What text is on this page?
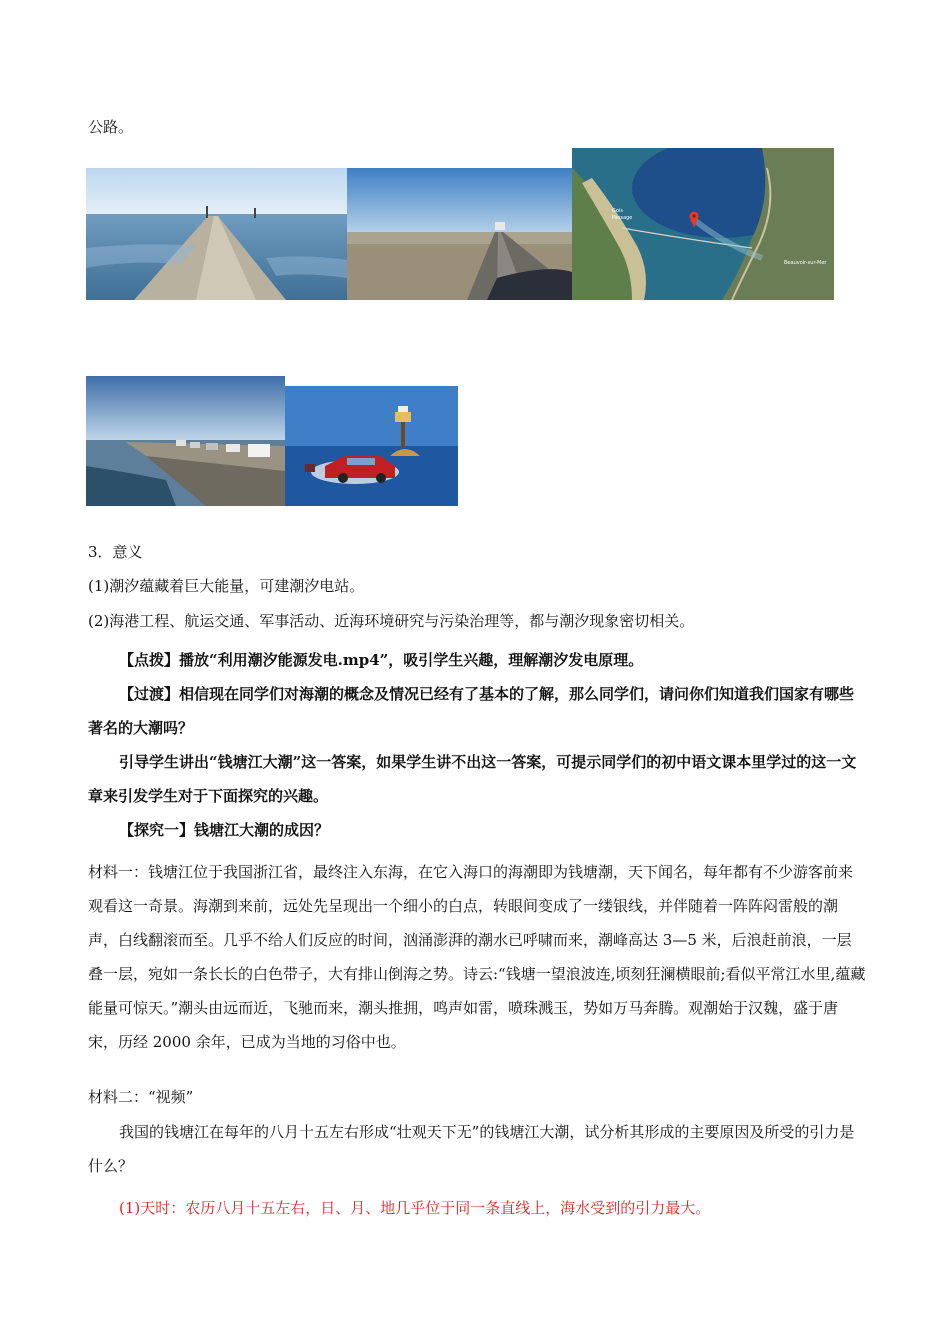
公路。
Gois
Passage
Beauvoir-sur-Mer
3．意义
(1)潮汐蕴藏着巨大能量，可建潮汐电站。
(2)海港工程、航运交通、军事活动、近海环境研究与污染治理等，都与潮汐现象密切相关。
【点拨】播放“利用潮汐能源发电.mp4”，吸引学生兴趣，理解潮汐发电原理。
【过渡】相信现在同学们对海潮的概念及情况已经有了基本的了解，那么同学们，请问你们知道我们国家有哪些著名的大潮吗？
引导学生讲出“钱塘江大潮”这一答案，如果学生讲不出这一答案，可提示同学们的初中语文课本里学过的这一文章来引发学生对于下面探究的兴趣。
【探究一】钱塘江大潮的成因？
材料一：钱塘江位于我国浙江省，最终注入东海，在它入海口的海潮即为钱塘潮，天下闻名，每年都有不少游客前来观看这一奇景。海潮到来前，远处先呈现出一个细小的白点，转眼间变成了一缕银线，并伴随着一阵阵闷雷般的潮声，白线翻滚而至。几乎不给人们反应的时间，汹涌澎湃的潮水已呼啸而来，潮峰高达 3—5 米，后浪赶前浪，一层叠一层，宛如一条长长的白色带子，大有排山倒海之势。诗云:“钱塘一望浪波连,顷刻狂澜横眼前;看似平常江水里,蕴藏能量可惊天。”潮头由远而近，飞驰而来，潮头推拥，鸣声如雷，喷珠溅玉，势如万马奔腾。观潮始于汉魏，盛于唐宋，历经 2000 余年，已成为当地的习俗中也。
材料二：“视频”
我国的钱塘江在每年的八月十五左右形成“壮观天下无”的钱塘江大潮，试分析其形成的主要原因及所受的引力是什么？
(1)天时：农历八月十五左右，日、月、地几乎位于同一条直线上，海水受到的引力最大。
